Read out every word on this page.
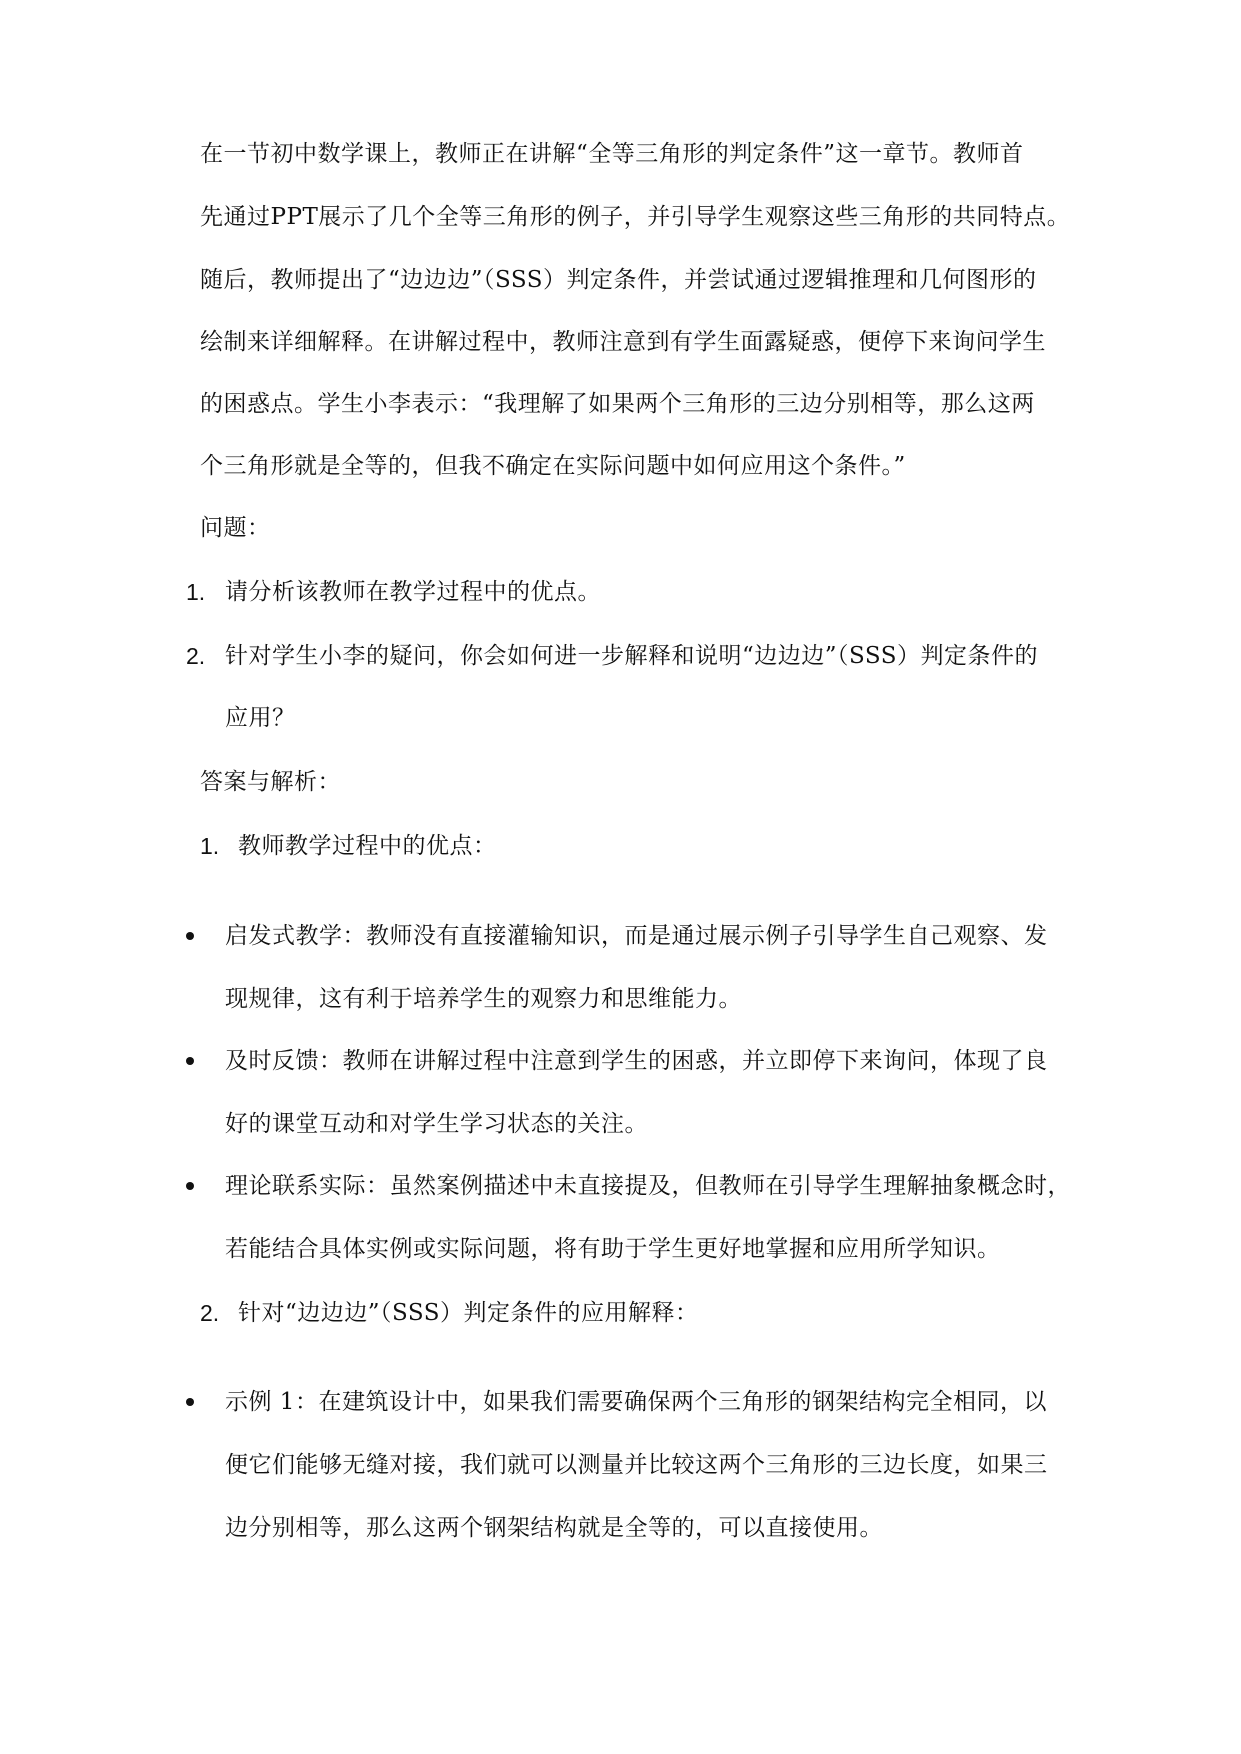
在一节初中数学课上，教师正在讲解“全等三角形的判定条件”这一章节。教师首
先通过PPT展示了几个全等三角形的例子，并引导学生观察这些三角形的共同特点。
随后，教师提出了“边边边”（SSS）判定条件，并尝试通过逻辑推理和几何图形的
绘制来详细解释。在讲解过程中，教师注意到有学生面露疑惑，便停下来询问学生
的困惑点。学生小李表示：“我理解了如果两个三角形的三边分别相等，那么这两
个三角形就是全等的，但我不确定在实际问题中如何应用这个条件。”
问题：
1. 请分析该教师在教学过程中的优点。
2. 针对学生小李的疑问，你会如何进一步解释和说明“边边边”（SSS）判定条件的
应用？
答案与解析：
1. 教师教学过程中的优点：
启发式教学：教师没有直接灌输知识，而是通过展示例子引导学生自己观察、发
现规律，这有利于培养学生的观察力和思维能力。
及时反馈：教师在讲解过程中注意到学生的困惑，并立即停下来询问，体现了良
好的课堂互动和对学生学习状态的关注。
理论联系实际：虽然案例描述中未直接提及，但教师在引导学生理解抽象概念时，
若能结合具体实例或实际问题，将有助于学生更好地掌握和应用所学知识。
2. 针对“边边边”（SSS）判定条件的应用解释：
示例 1：在建筑设计中，如果我们需要确保两个三角形的钢架结构完全相同，以
便它们能够无缝对接，我们就可以测量并比较这两个三角形的三边长度，如果三
边分别相等，那么这两个钢架结构就是全等的，可以直接使用。
